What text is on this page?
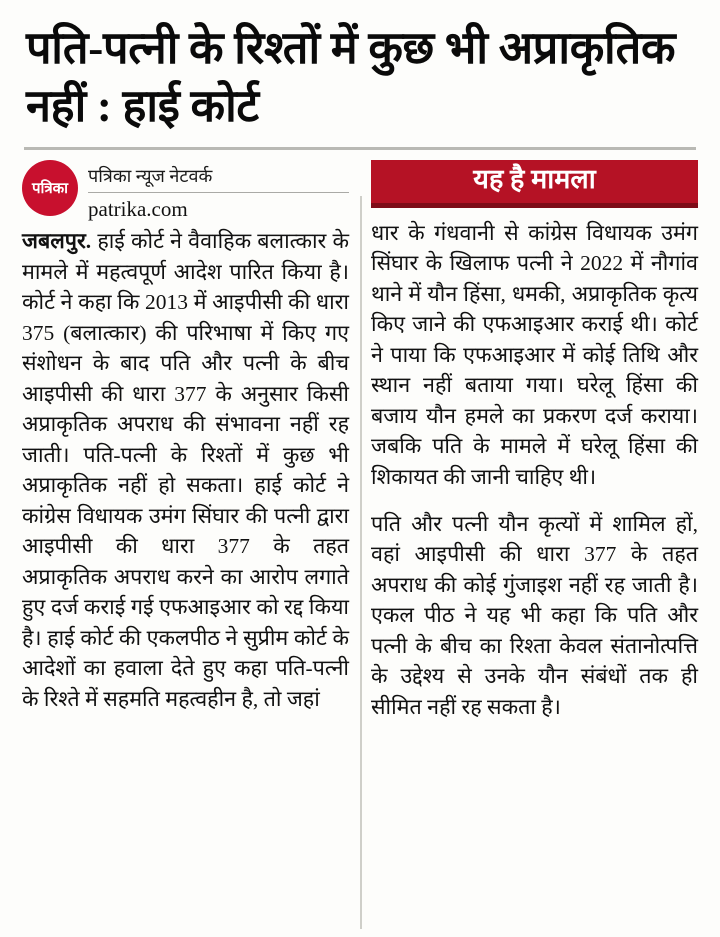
पति-पत्नी के रिश्तों में कुछ भी अप्राकृतिक नहीं : हाई कोर्ट
पत्रिका
पत्रिका न्यूज नेटवर्क
patrika.com

जबलपुर. हाई कोर्ट ने वैवाहिक बलात्कार के मामले में महत्वपूर्ण आदेश पारित किया है। कोर्ट ने कहा कि 2013 में आइपीसी की धारा 375 (बलात्कार) की परिभाषा में किए गए संशोधन के बाद पति और पत्नी के बीच आइपीसी की धारा 377 के अनुसार किसी अप्राकृतिक अपराध की संभावना नहीं रह जाती। पति-पत्नी के रिश्तों में कुछ भी अप्राकृतिक नहीं हो सकता। हाई कोर्ट ने कांग्रेस विधायक उमंग सिंघार की पत्नी द्वारा आइपीसी की धारा 377 के तहत अप्राकृतिक अपराध करने का आरोप लगाते हुए दर्ज कराई गई एफआइआर को रद्द किया है। हाई कोर्ट की एकलपीठ ने सुप्रीम कोर्ट के आदेशों का हवाला देते हुए कहा पति-पत्नी के रिश्ते में सहमति महत्वहीन है, तो जहां

यह है मामला

धार के गंधवानी से कांग्रेस विधायक उमंग सिंघार के खिलाफ पत्नी ने 2022 में नौगांव थाने में यौन हिंसा, धमकी, अप्राकृतिक कृत्य किए जाने की एफआइआर कराई थी। कोर्ट ने पाया कि एफआइआर में कोई तिथि और स्थान नहीं बताया गया। घरेलू हिंसा की बजाय यौन हमले का प्रकरण दर्ज कराया। जबकि पति के मामले में घरेलू हिंसा की शिकायत की जानी चाहिए थी।

पति और पत्नी यौन कृत्यों में शामिल हों, वहां आइपीसी की धारा 377 के तहत अपराध की कोई गुंजाइश नहीं रह जाती है। एकल पीठ ने यह भी कहा कि पति और पत्नी के बीच का रिश्ता केवल संतानोत्पत्ति के उद्देश्य से उनके यौन संबंधों तक ही सीमित नहीं रह सकता है।
